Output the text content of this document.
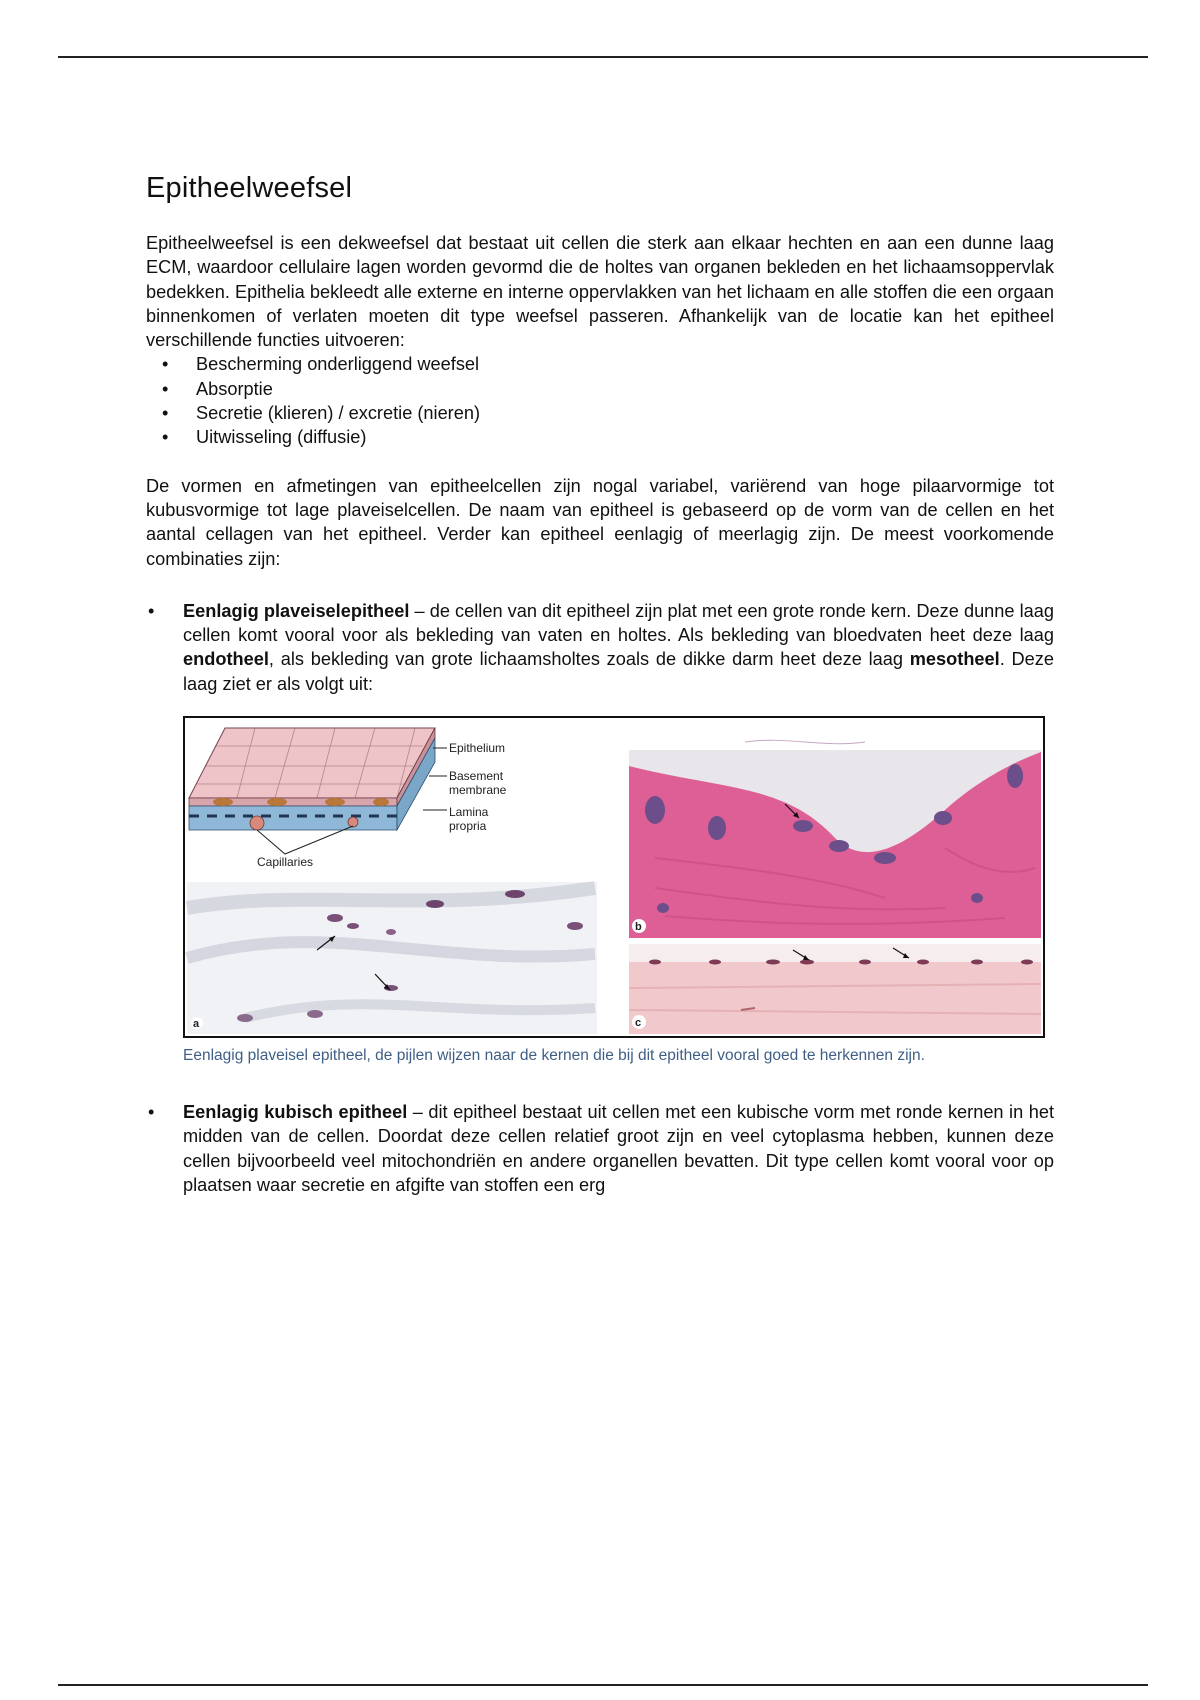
Epitheelweefsel

Epitheelweefsel is een dekweefsel dat bestaat uit cellen die sterk aan elkaar hechten en aan een dunne laag ECM, waardoor cellulaire lagen worden gevormd die de holtes van organen bekleden en het lichaamsoppervlak bedekken. Epithelia bekleedt alle externe en interne oppervlakken van het lichaam en alle stoffen die een orgaan binnenkomen of verlaten moeten dit type weefsel passeren. Afhankelijk van de locatie kan het epitheel verschillende functies uitvoeren:

• Bescherming onderliggend weefsel
• Absorptie
• Secretie (klieren) / excretie (nieren)
• Uitwisseling (diffusie)

De vormen en afmetingen van epitheelcellen zijn nogal variabel, variërend van hoge pilaarvormige tot kubusvormige tot lage plaveiselcellen. De naam van epitheel is gebaseerd op de vorm van de cellen en het aantal cellagen van het epitheel. Verder kan epitheel eenlagig of meerlagig zijn. De meest voorkomende combinaties zijn:

• Eenlagig plaveiselepitheel – de cellen van dit epitheel zijn plat met een grote ronde kern. Deze dunne laag cellen komt vooral voor als bekleding van vaten en holtes. Als bekleding van bloedvaten heet deze laag endotheel, als bekleding van grote lichaamsholtes zoals de dikke darm heet deze laag mesotheel. Deze laag ziet er als volgt uit:
Epithelium
Basement
membrane
Lamina
propria
Capillaries
a
b
c
Eenlagig plaveisel epitheel, de pijlen wijzen naar de kernen die bij dit epitheel vooral goed te herkennen zijn.
• Eenlagig kubisch epitheel – dit epitheel bestaat uit cellen met een kubische vorm met ronde kernen in het midden van de cellen. Doordat deze cellen relatief groot zijn en veel cytoplasma hebben, kunnen deze cellen bijvoorbeeld veel mitochondriën en andere organellen bevatten. Dit type cellen komt vooral voor op plaatsen waar secretie en afgifte van stoffen een erg
